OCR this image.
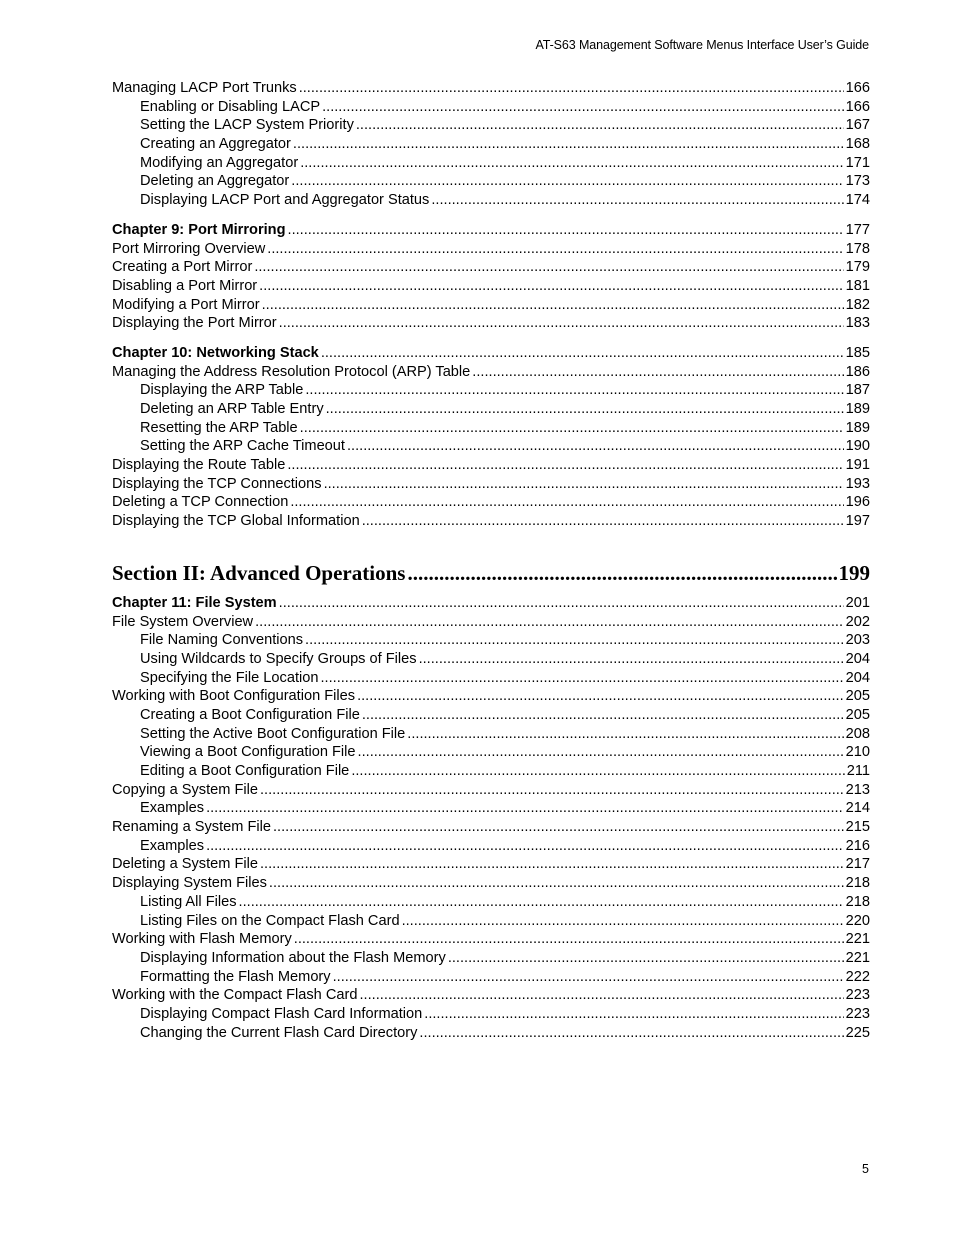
AT-S63 Management Software Menus Interface User’s Guide
Managing LACP Port Trunks .....	166
Enabling or Disabling LACP .....	166
Setting the LACP System Priority .....	167
Creating an Aggregator .....	168
Modifying an Aggregator .....	171
Deleting an Aggregator .....	173
Displaying LACP Port and Aggregator Status .....	174
Chapter 9: Port Mirroring .....	177
Port Mirroring Overview .....	178
Creating a Port Mirror .....	179
Disabling a Port Mirror .....	181
Modifying a Port Mirror .....	182
Displaying the Port Mirror .....	183
Chapter 10: Networking Stack .....	185
Managing the Address Resolution Protocol (ARP) Table .....	186
Displaying the ARP Table .....	187
Deleting an ARP Table Entry .....	189
Resetting the ARP Table .....	189
Setting the ARP Cache Timeout .....	190
Displaying the Route Table .....	191
Displaying the TCP Connections .....	193
Deleting a TCP Connection .....	196
Displaying the TCP Global Information .....	197
Section II: Advanced Operations .....	199
Chapter 11: File System .....	201
File System Overview .....	202
File Naming Conventions .....	203
Using Wildcards to Specify Groups of Files .....	204
Specifying the File Location .....	204
Working with Boot Configuration Files .....	205
Creating a Boot Configuration File .....	205
Setting the Active Boot Configuration File .....	208
Viewing a Boot Configuration File .....	210
Editing a Boot Configuration File .....	211
Copying a System File .....	213
Examples .....	214
Renaming a System File .....	215
Examples .....	216
Deleting a System File .....	217
Displaying System Files .....	218
Listing All Files .....	218
Listing Files on the Compact Flash Card .....	220
Working with Flash Memory .....	221
Displaying Information about the Flash Memory .....	221
Formatting the Flash Memory .....	222
Working with the Compact Flash Card .....	223
Displaying Compact Flash Card Information .....	223
Changing the Current Flash Card Directory .....	225
5
